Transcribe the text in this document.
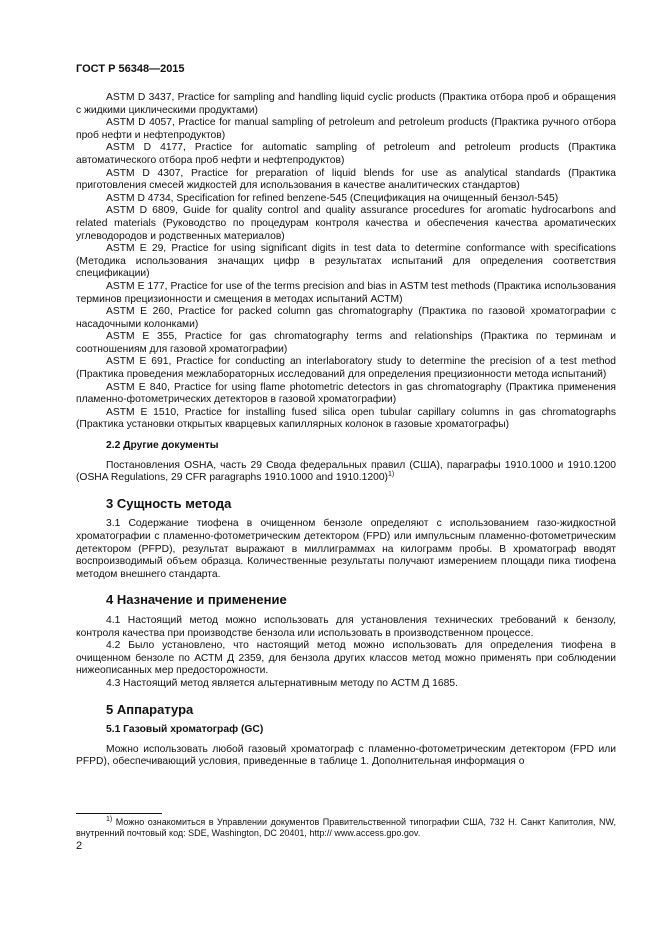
ГОСТ Р 56348—2015

ASTM D 3437, Practice for sampling and handling liquid cyclic products (Практика отбора проб и обращения с жидкими циклическими продуктами)

ASTM D 4057, Practice for manual sampling of petroleum and petroleum products (Практика ручного отбора проб нефти и нефтепродуктов)

ASTM D 4177, Practice for automatic sampling of petroleum and petroleum products (Практика автоматического отбора проб нефти и нефтепродуктов)

ASTM D 4307, Practice for preparation of liquid blends for use as analytical standards (Практика приготовления смесей жидкостей для использования в качестве аналитических стандартов)

ASTM D 4734, Specification for refined benzene-545 (Спецификация на очищенный бензол-545)

ASTM D 6809, Guide for quality control and quality assurance procedures for aromatic hydrocarbons and related materials (Руководство по процедурам контроля качества и обеспечения качества ароматических углеводородов и родственных материалов)

ASTM E 29, Practice for using significant digits in test data to determine conformance with specifications (Методика использования значащих цифр в результатах испытаний для определения соответствия спецификации)

ASTM E 177, Practice for use of the terms precision and bias in ASTM test methods (Практика использования терминов прецизионности и смещения в методах испытаний АСТМ)

ASTM E 260, Practice for packed column gas chromatography (Практика по газовой хроматографии с насадочными колонками)

ASTM E 355, Practice for gas chromatography terms and relationships (Практика по терминам и соотношениям для газовой хроматографии)

ASTM E 691, Practice for conducting an interlaboratory study to determine the precision of a test method (Практика проведения межлабораторных исследований для определения прецизионности метода испытаний)

ASTM E 840, Practice for using flame photometric detectors in gas chromatography (Практика применения пламенно-фотометрических детекторов в газовой хроматографии)

ASTM E 1510, Practice for installing fused silica open tubular capillary columns in gas chromatographs (Практика установки открытых кварцевых капиллярных колонок в газовые хроматографы)

2.2 Другие документы

Постановления OSHA, часть 29 Свода федеральных правил (США), параграфы 1910.1000 и 1910.1200 (OSHA Regulations, 29 CFR paragraphs 1910.1000 and 1910.1200)$^{1)}$

3 Сущность метода

3.1 Содержание тиофена в очищенном бензоле определяют с использованием газо-жидкостной хроматографии с пламенно-фотометрическим детектором (FPD) или импульсным пламенно-фотометрическим детектором (PFPD), результат выражают в миллиграммах на килограмм пробы. В хроматограф вводят воспроизводимый объем образца. Количественные результаты получают измерением площади пика тиофена методом внешнего стандарта.

4 Назначение и применение

4.1 Настоящий метод можно использовать для установления технических требований к бензолу, контроля качества при производстве бензола или использовать в производственном процессе.

4.2 Было установлено, что настоящий метод можно использовать для определения тиофена в очищенном бензоле по АСТМ Д 2359, для бензола других классов метод можно применять при соблюдении нижеописанных мер предосторожности.

4.3 Настоящий метод является альтернативным методу по АСТМ Д 1685.

5 Аппаратура
5.1 Газовый хроматограф (GC)

Можно использовать любой газовый хроматограф с пламенно-фотометрическим детектором (FPD или PFPD), обеспечивающий условия, приведенные в таблице 1. Дополнительная информация о

$^{1)}$ Можно ознакомиться в Управлении документов Правительственной типографии США, 732 Н. Санкт Капитолия, NW, внутренний почтовый код: SDE, Washington, DC 20401, http:// www.access.gpo.gov.
2
